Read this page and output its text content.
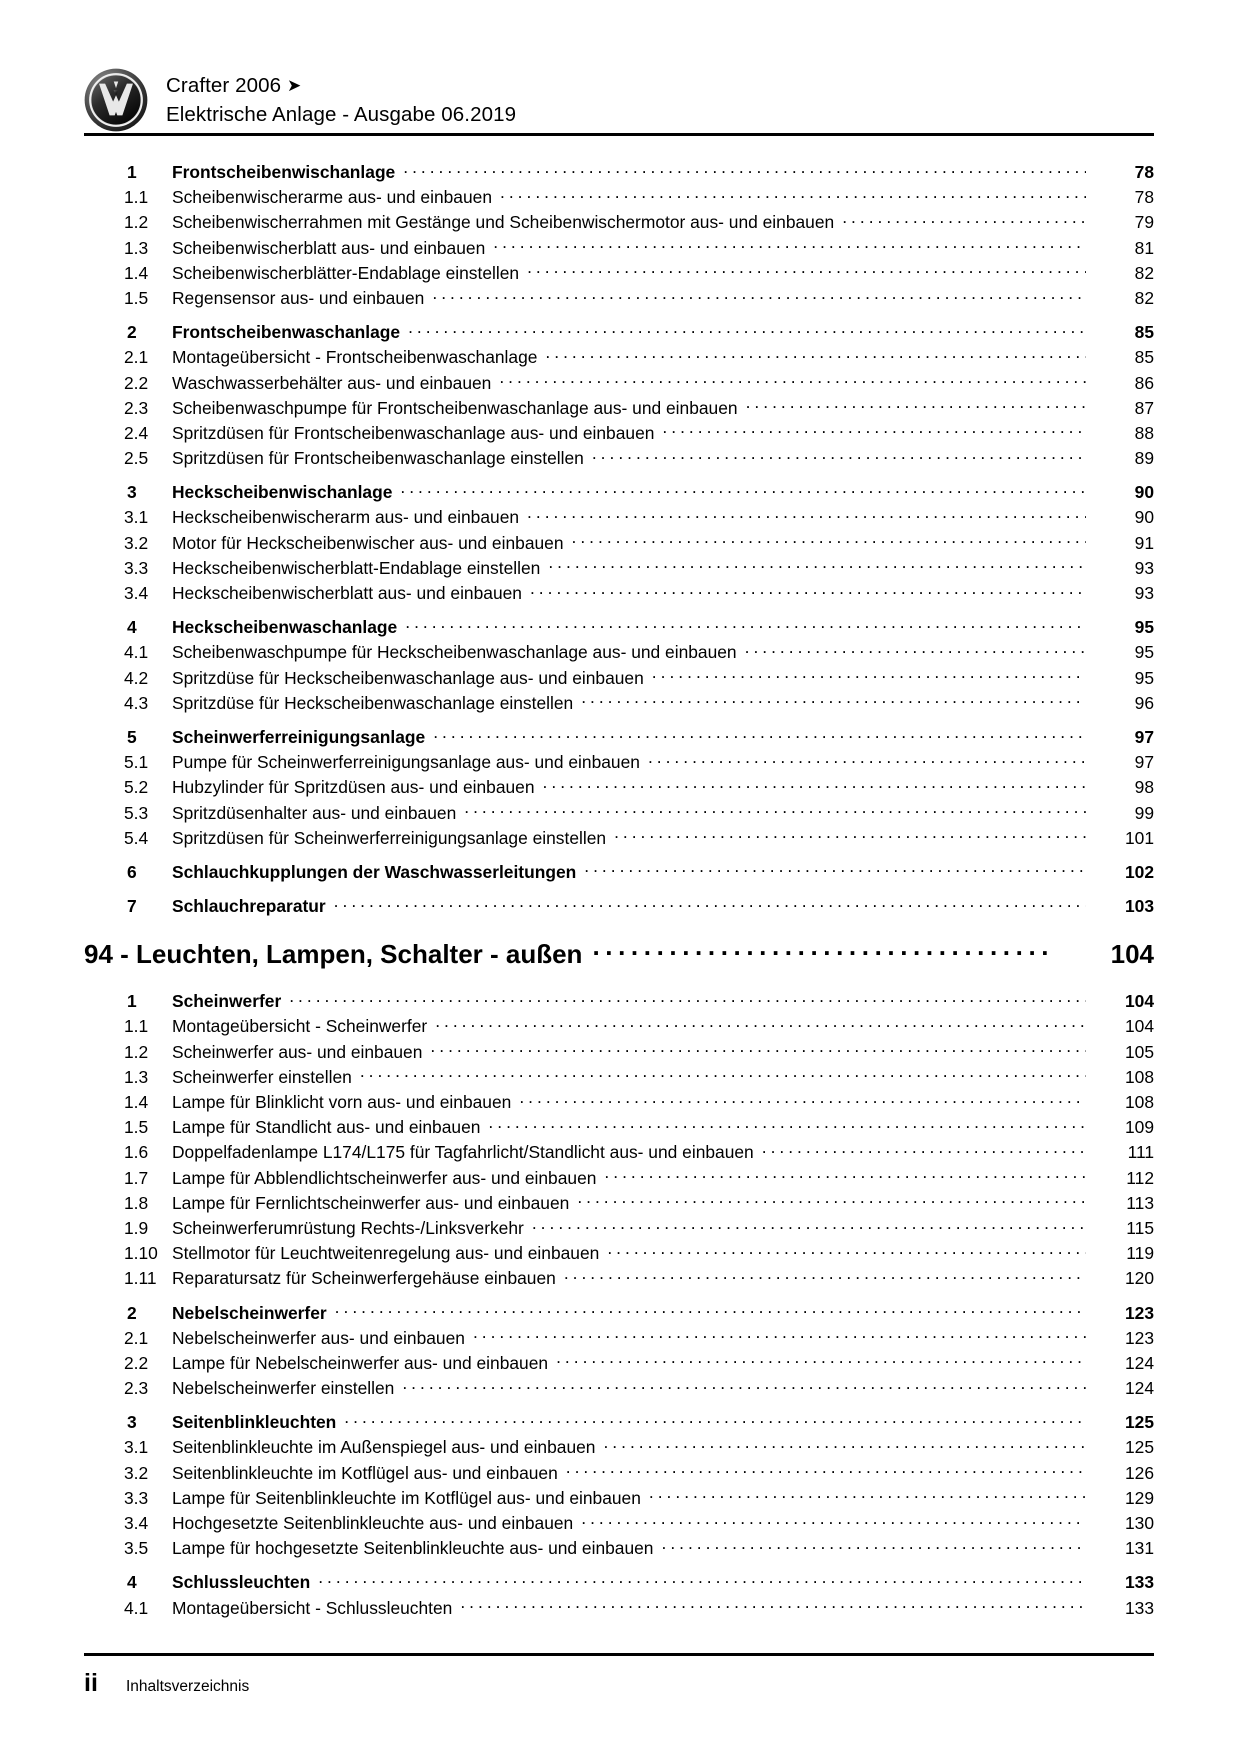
Crafter 2006 ➤
Elektrische Anlage - Ausgabe 06.2019
1	Frontscheibenwischanlage .....	78
1.1	Scheibenwischerarme aus- und einbauen .....	78
1.2	Scheibenwischerrahmen mit Gestänge und Scheibenwischermotor aus- und einbauen .....	79
1.3	Scheibenwischerblatt aus- und einbauen .....	81
1.4	Scheibenwischerblätter-Endablage einstellen .....	82
1.5	Regensensor aus- und einbauen .....	82
2	Frontscheibenwaschanlage .....	85
2.1	Montageübersicht - Frontscheibenwaschanlage .....	85
2.2	Waschwasserbehälter aus- und einbauen .....	86
2.3	Scheibenwaschpumpe für Frontscheibenwaschanlage aus- und einbauen .....	87
2.4	Spritzdüsen für Frontscheibenwaschanlage aus- und einbauen .....	88
2.5	Spritzdüsen für Frontscheibenwaschanlage einstellen .....	89
3	Heckscheibenwischanlage .....	90
3.1	Heckscheibenwischerarm aus- und einbauen .....	90
3.2	Motor für Heckscheibenwischer aus- und einbauen .....	91
3.3	Heckscheibenwischerblatt-Endablage einstellen .....	93
3.4	Heckscheibenwischerblatt aus- und einbauen .....	93
4	Heckscheibenwaschanlage .....	95
4.1	Scheibenwaschpumpe für Heckscheibenwaschanlage aus- und einbauen .....	95
4.2	Spritzdüse für Heckscheibenwaschanlage aus- und einbauen .....	95
4.3	Spritzdüse für Heckscheibenwaschanlage einstellen .....	96
5	Scheinwerferreinigungsanlage .....	97
5.1	Pumpe für Scheinwerferreinigungsanlage aus- und einbauen .....	97
5.2	Hubzylinder für Spritzdüsen aus- und einbauen .....	98
5.3	Spritzdüsenhalter aus- und einbauen .....	99
5.4	Spritzdüsen für Scheinwerferreinigungsanlage einstellen .....	101
6	Schlauchkupplungen der Waschwasserleitungen .....	102
7	Schlauchreparatur .....	103
94 - Leuchten, Lampen, Schalter - außen .....	104
1	Scheinwerfer .....	104
1.1	Montageübersicht - Scheinwerfer .....	104
1.2	Scheinwerfer aus- und einbauen .....	105
1.3	Scheinwerfer einstellen .....	108
1.4	Lampe für Blinklicht vorn aus- und einbauen .....	108
1.5	Lampe für Standlicht aus- und einbauen .....	109
1.6	Doppelfadenlampe L174/L175 für Tagfahrlicht/Standlicht aus- und einbauen .....	111
1.7	Lampe für Abblendlichtscheinwerfer aus- und einbauen .....	112
1.8	Lampe für Fernlichtscheinwerfer aus- und einbauen .....	113
1.9	Scheinwerferumrüstung Rechts-/Linksverkehr .....	115
1.10 Stellmotor für Leuchtweitenregelung aus- und einbauen .....	119
1.11 Reparatursatz für Scheinwerfergehäuse einbauen .....	120
2	Nebelscheinwerfer .....	123
2.1	Nebelscheinwerfer aus- und einbauen .....	123
2.2	Lampe für Nebelscheinwerfer aus- und einbauen .....	124
2.3	Nebelscheinwerfer einstellen .....	124
3	Seitenblinkleuchten .....	125
3.1	Seitenblinkleuchte im Außenspiegel aus- und einbauen .....	125
3.2	Seitenblinkleuchte im Kotflügel aus- und einbauen .....	126
3.3	Lampe für Seitenblinkleuchte im Kotflügel aus- und einbauen .....	129
3.4	Hochgesetzte Seitenblinkleuchte aus- und einbauen .....	130
3.5	Lampe für hochgesetzte Seitenblinkleuchte aus- und einbauen .....	131
4	Schlussleuchten .....	133
4.1	Montageübersicht - Schlussleuchten .....	133
ii	Inhaltsverzeichnis
